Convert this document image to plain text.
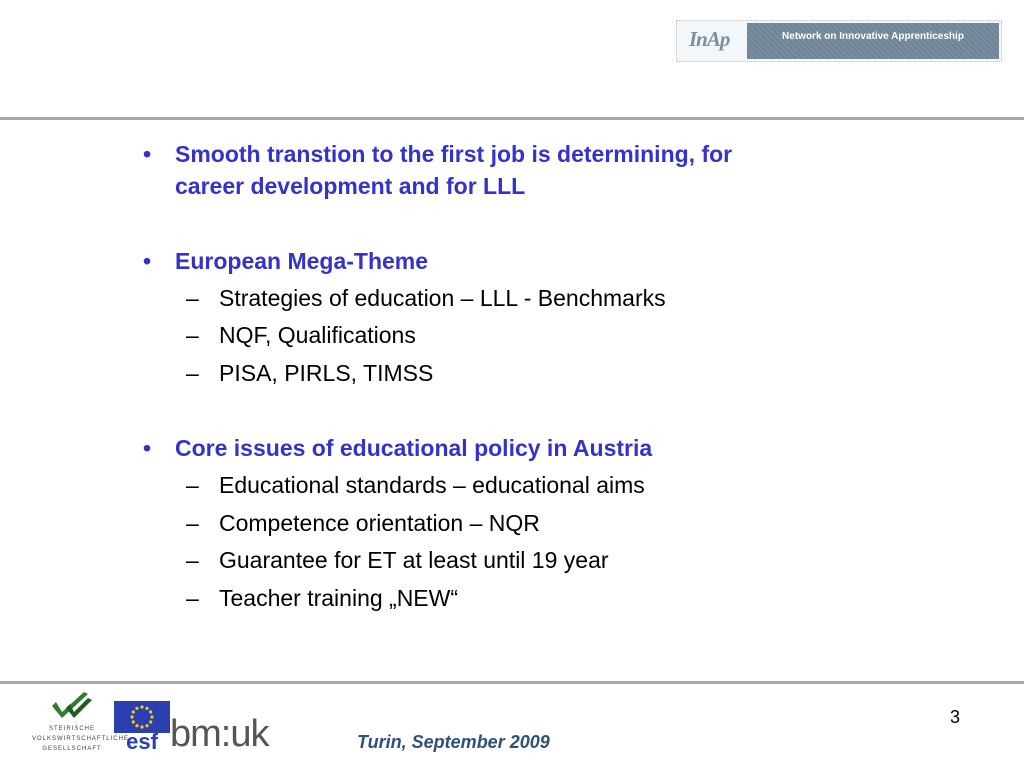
InAp	Network on Innovative Apprenticeship
• Smooth transtion to the first job is determining, for
career development and for LLL
• European Mega-Theme
– Strategies of education – LLL - Benchmarks
– NQF, Qualifications
– PISA, PIRLS, TIMSS
• Core issues of educational policy in Austria
– Educational standards – educational aims
– Competence orientation – NQR
– Guarantee for ET at least until 19 year
– Teacher training „NEW“
STEIRISCHE
VOLKSWIRTSCHAFTLICHE
GESELLSCHAFT	esf bm:uk	3
Turin, September 2009
